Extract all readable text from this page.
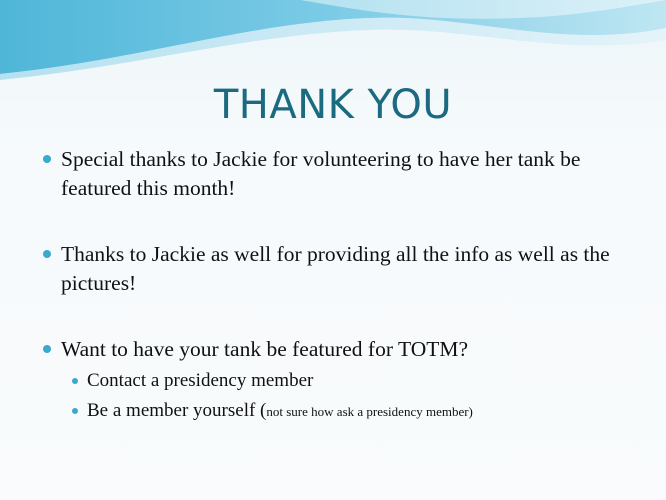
THANK YOU
Special thanks to Jackie for volunteering to have her tank be featured this month!
Thanks to Jackie as well for providing all the info as well as the pictures!
Want to have your tank be featured for TOTM?
Contact a presidency member
Be a member yourself (not sure how ask a presidency member)
